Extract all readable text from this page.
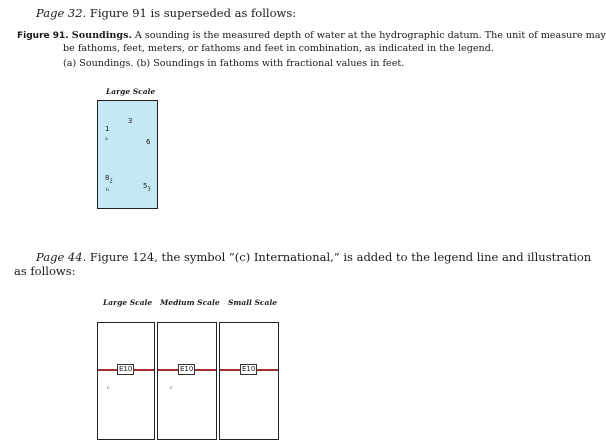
Page 32. Figure 91 is superseded as follows:
Figure 91. Soundings. A sounding is the measured depth of water at the hydrographic datum. The unit of measure may
be fathoms, feet, meters, or fathoms and feet in combination, as indicated in the legend.
(a) Soundings. (b) Soundings in fathoms with fractional values in feet.
Large Scale
3
1
a	6
$8_2$
b
$5_3$
Page 44. Figure 124, the symbol “(c) International,” is added to the legend line and illustration
as follows:
Large Scale Medium Scale Small Scale
E10
c
E10
c
E10
